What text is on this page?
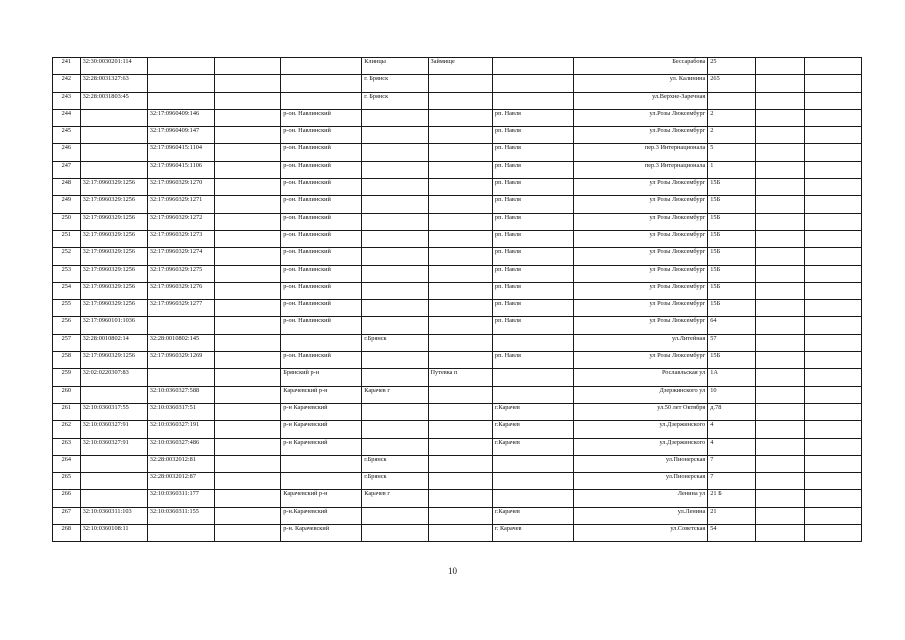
241	32:30:0030201:114				Клинцы	Займище		Бессарабова	25		
242	32:28:0031327:63				г. Брянск			ул. Калинина	265		
243	32:28:0031803:45				г. Брянск			ул.Верхне-Заречная			
244		32:17:0960409:146		р-он. Навлинский			рп. Навля	ул.Розы Люксембург	2		
245		32:17:0960409:147		р-он. Навлинский			рп. Навля	ул.Розы Люксембург	2		
246		32:17:0960415:1104		р-он. Навлинский			рп. Навля	пер.3 Интернационала	5		
247		32:17:0960415:1106		р-он. Навлинский			рп. Навля	пер.3 Интернационала	1		
248	32:17:0960329:1256	32:17:0960329:1270		р-он. Навлинский			рп. Навля	ул Розы Люксембург	15Б		
249	32:17:0960329:1256	32:17:0960329:1271		р-он. Навлинский			рп. Навля	ул Розы Люксембург	15Б		
250	32:17:0960329:1256	32:17:0960329:1272		р-он. Навлинский			рп. Навля	ул Розы Люксембург	15Б		
251	32:17:0960329:1256	32:17:0960329:1273		р-он. Навлинский			рп. Навля	ул Розы Люксембург	15Б		
252	32:17:0960329:1256	32:17:0960329:1274		р-он. Навлинский			рп. Навля	ул Розы Люксембург	15Б		
253	32:17:0960329:1256	32:17:0960329:1275		р-он. Навлинский			рп. Навля	ул Розы Люксембург	15Б		
254	32:17:0960329:1256	32:17:0960329:1276		р-он. Навлинский			рп. Навля	ул Розы Люксембург	15Б		
255	32:17:0960329:1256	32:17:0960329:1277		р-он. Навлинский			рп. Навля	ул Розы Люксембург	15Б		
256	32:17:0960101:1036			р-он. Навлинский			рп. Навля	ул Розы Люксембург	64		
257	32:28:0010802:14	32:28:0010802:145			г.Брянск			ул.Литейная	57		
258	32:17:0960329:1256	32:17:0960329:1269		р-он. Навлинский			рп. Навля	ул Розы Люксембург	15Б		
259	32:02:0220307:83			Брянский р-н		Путевка п		Рославльская ул	1А		
260		32:10:0360327:588		Карачевский р-н	Карачев г			Дзержинского ул	10		
261	32:10:0360317:55	32:10:0360317:51		р-н Карачевский			г.Карачев	ул.50 лет Октября	д.78		
262	32:10:0360327:91	32:10:0360327:191		р-н Карачевский			г.Карачев	ул.Дзержинского	4		
263	32:10:0360327:91	32:10:0360327:486		р-н Карачевский			г.Карачев	ул.Дзержинского	4		
264		32:28:0032012:81			г.Брянск			ул.Пионерская	7		
265		32:28:0032012:87			г.Брянск			ул.Пионерская	7		
266		32:10:0360311:177		Карачевский р-н	Карачев г			Ленина ул	21 Б		
267	32:10:0360311:103	32:10:0360311:155		р-н.Карачевский			г.Карачев	ул.Ленина	21		
268	32:10:0360108:11			р-н. Карачевский			г. Карачев	ул.Советская	54		
10
